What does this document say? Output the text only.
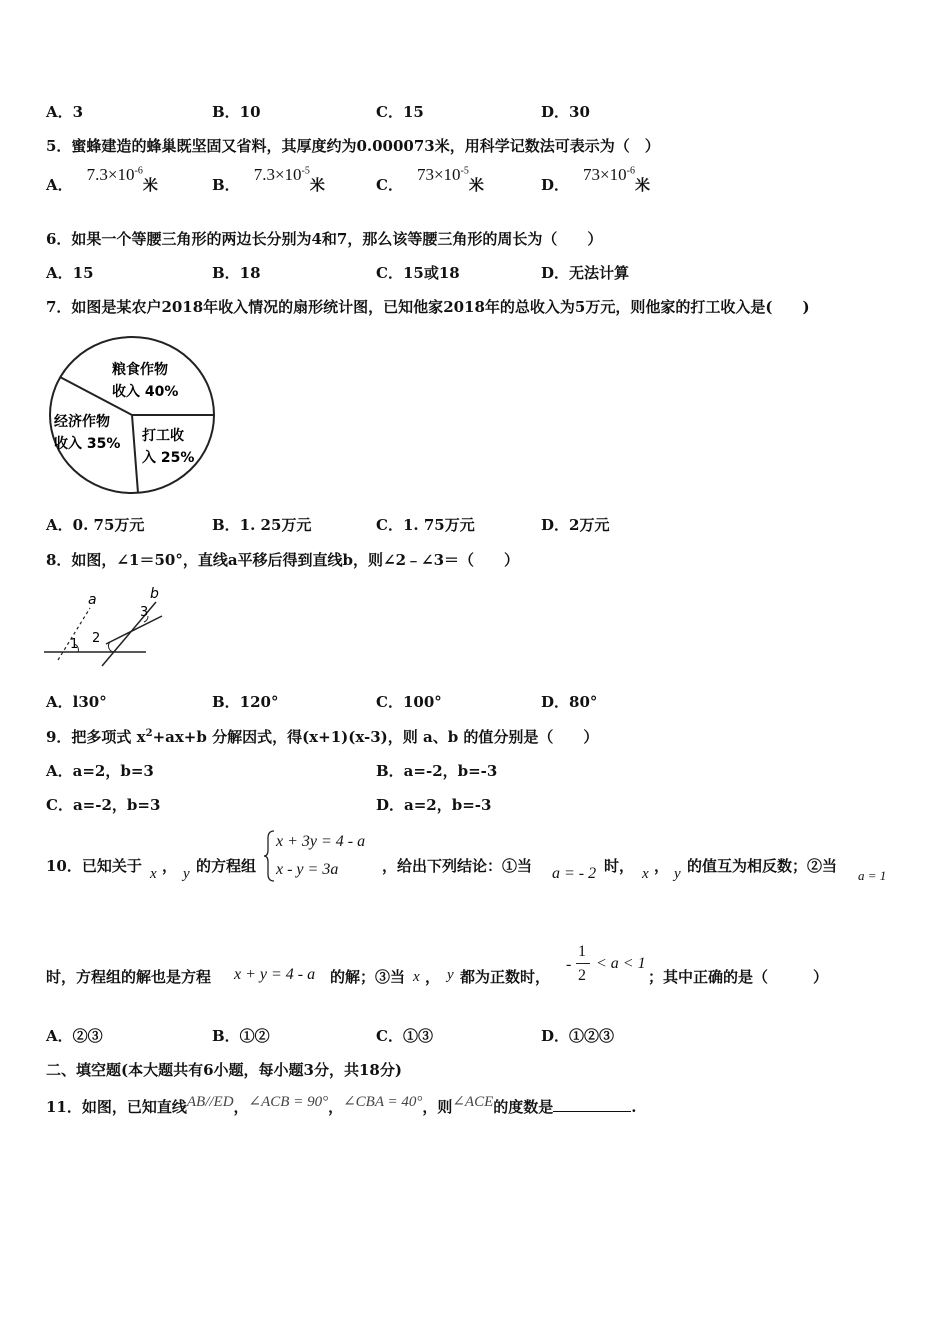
A．3	B．10	C．15	D．30
5．蜜蜂建造的蜂巢既坚固又省料，其厚度约为0.000073米，用科学记数法可表示为（　）
A．$7.3\times 10^{-6}$米	B．$7.3\times 10^{-5}$米	C．$73\times 10^{-5}$米	D．$73\times 10^{-6}$米
6．如果一个等腰三角形的两边长分别为4和7，那么该等腰三角形的周长为（　　）
A．15	B．18	C．15或18	D．无法计算
7．如图是某农户2018年收入情况的扇形统计图，已知他家2018年的总收入为5万元，则他家的打工收入是(　　)
粮食作物
收入 40%
经济作物
收入 35% 打工收
入 25%
A．0. 75万元	B．1. 25万元	C．1. 75万元	D．2万元
8．如图，∠1＝50°，直线a平移后得到直线b，则∠2﹣∠3＝（　　）
a	b
1 2
3
A．l30°	B．120°	C．100°	D．80°
9．把多项式 $x^2+ax+b$ 分解因式，得(x+1)(x-3)，则 a、b 的值分别是（　　）
A．a=2，b=3	B．a=-2，b=-3
C．a=-2，b=3	D．a=2，b=-3
10．已知关于 x ， y 的方程组
x + 3y = 4 - a
x - y = 3a	，给出下列结论：①当 a = - 2 时， x ， y 的值互为相反数；②当
a = 1
时，方程组的解也是方程 x + y = 4 - a 的解；③当 x ， y 都为正数时，
-
1
2
< a < 1
；其中正确的是（　　　）
A．②③	B．①②	C．①③	D．①②③
二、填空题(本大题共有6小题，每小题3分，共18分)
11．如图，已知直线AB//ED，∠ACB = 90°，∠CBA = 40°，则∠ACE的度数是	.
